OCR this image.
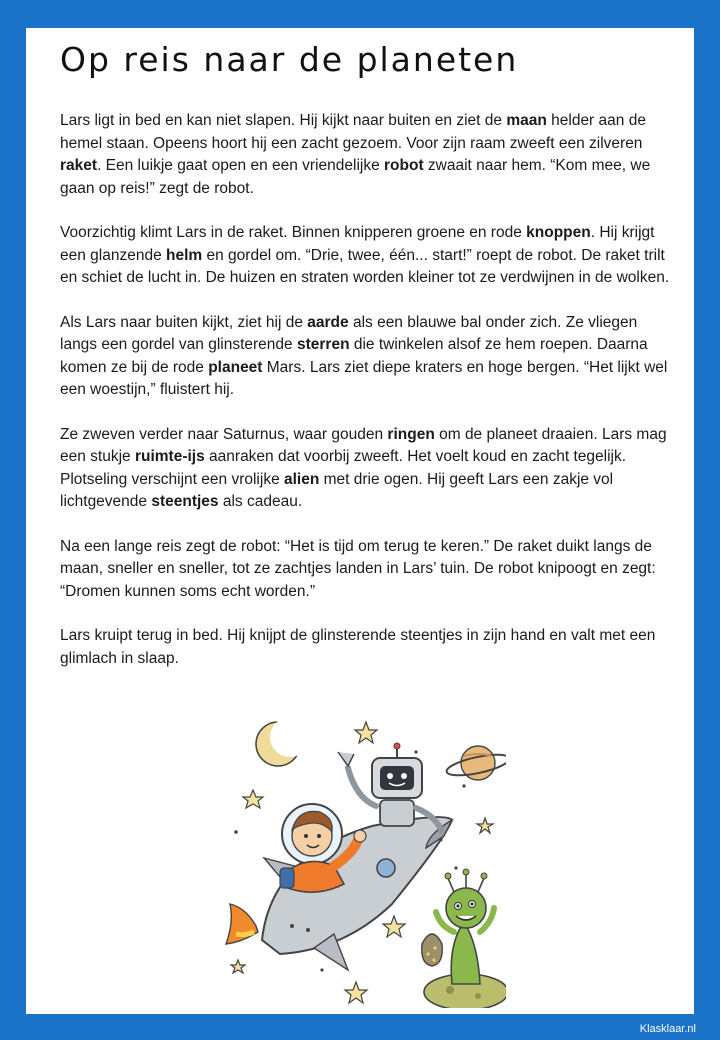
Op reis naar de planeten

Lars ligt in bed en kan niet slapen. Hij kijkt naar buiten en ziet de maan helder aan de hemel staan. Opeens hoort hij een zacht gezoem. Voor zijn raam zweeft een zilveren raket. Een luikje gaat open en een vriendelijke robot zwaait naar hem. “Kom mee, we gaan op reis!” zegt de robot.

Voorzichtig klimt Lars in de raket. Binnen knipperen groene en rode knoppen. Hij krijgt een glanzende helm en gordel om. “Drie, twee, één... start!” roept de robot. De raket trilt en schiet de lucht in. De huizen en straten worden kleiner tot ze verdwijnen in de wolken.

Als Lars naar buiten kijkt, ziet hij de aarde als een blauwe bal onder zich. Ze vliegen langs een gordel van glinsterende sterren die twinkelen alsof ze hem roepen. Daarna komen ze bij de rode planeet Mars. Lars ziet diepe kraters en hoge bergen. “Het lijkt wel een woestijn,” fluistert hij.

Ze zweven verder naar Saturnus, waar gouden ringen om de planeet draaien. Lars mag een stukje ruimte-ijs aanraken dat voorbij zweeft. Het voelt koud en zacht tegelijk. Plotseling verschijnt een vrolijke alien met drie ogen. Hij geeft Lars een zakje vol lichtgevende steentjes als cadeau.

Na een lange reis zegt de robot: “Het is tijd om terug te keren.” De raket duikt langs de maan, sneller en sneller, tot ze zachtjes landen in Lars’ tuin. De robot knipoogt en zegt: “Dromen kunnen soms echt worden.”

Lars kruipt terug in bed. Hij knijpt de glinsterende steentjes in zijn hand en valt met een glimlach in slaap.

Klasklaar.nl
